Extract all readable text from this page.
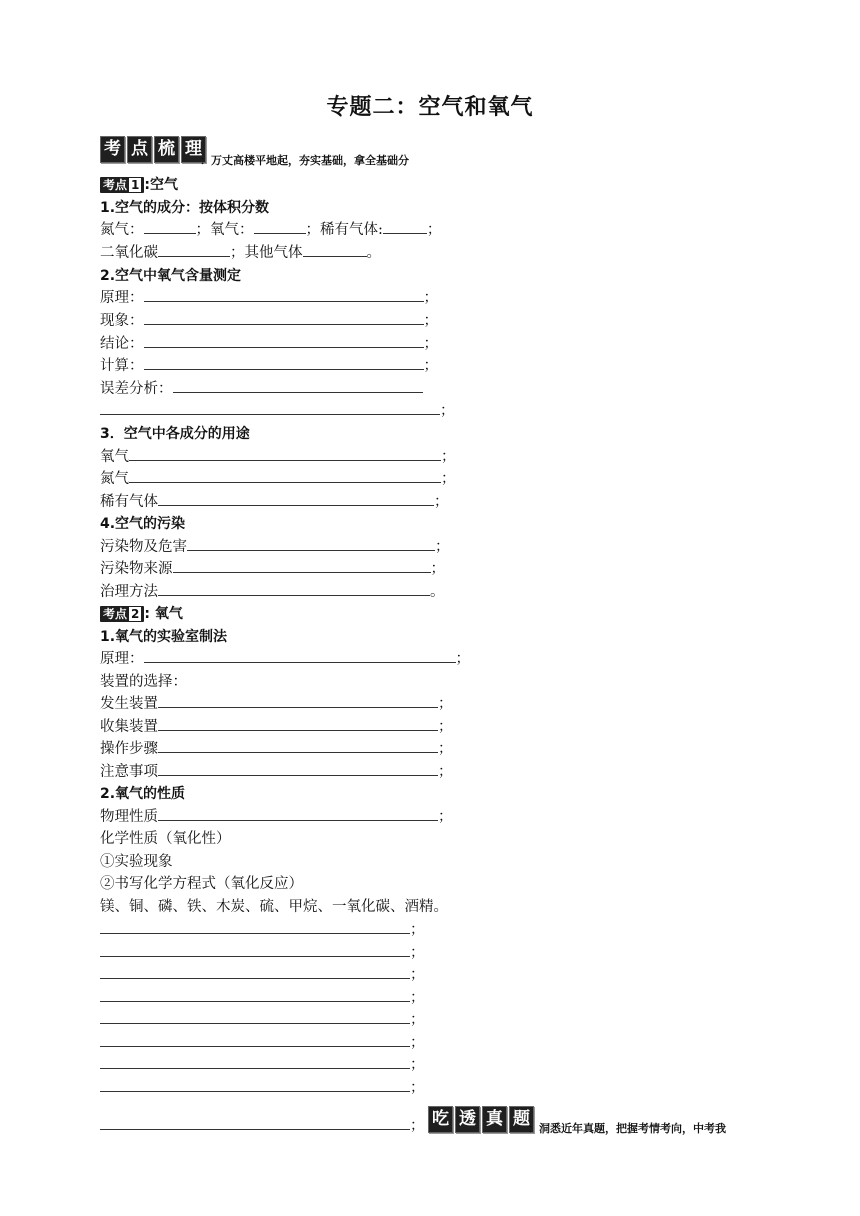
专题二：空气和氧气
考 点 梳 理
：万丈高楼平地起，夯实基础，拿全基础分
考点 1 :空气
1.空气的成分：按体积分数
氮气：	；氧气：	；稀有气体:	；
二氧化碳	；其他气体	。
2.空气中氧气含量测定
原理：	；
现象：	；
结论：	；
计算：	；
误差分析：
；
3．空气中各成分的用途
氧气	；
氮气	；
稀有气体	；
4.空气的污染
污染物及危害	；
污染物来源	；
治理方法	。
考点 2 : 氧气
1.氧气的实验室制法
原理：	；
装置的选择：
发生装置	；
收集装置	；
操作步骤	；
注意事项	；
2.氧气的性质
物理性质	；
化学性质（氧化性）
①实验现象
②书写化学方程式（氧化反应）
镁、铜、磷、铁、木炭、硫、甲烷、一氧化碳、酒精。
；
；
；
；
；
；
；
；
； 吃 透 真 题
：洞悉近年真题，把握考情考向，中考我
